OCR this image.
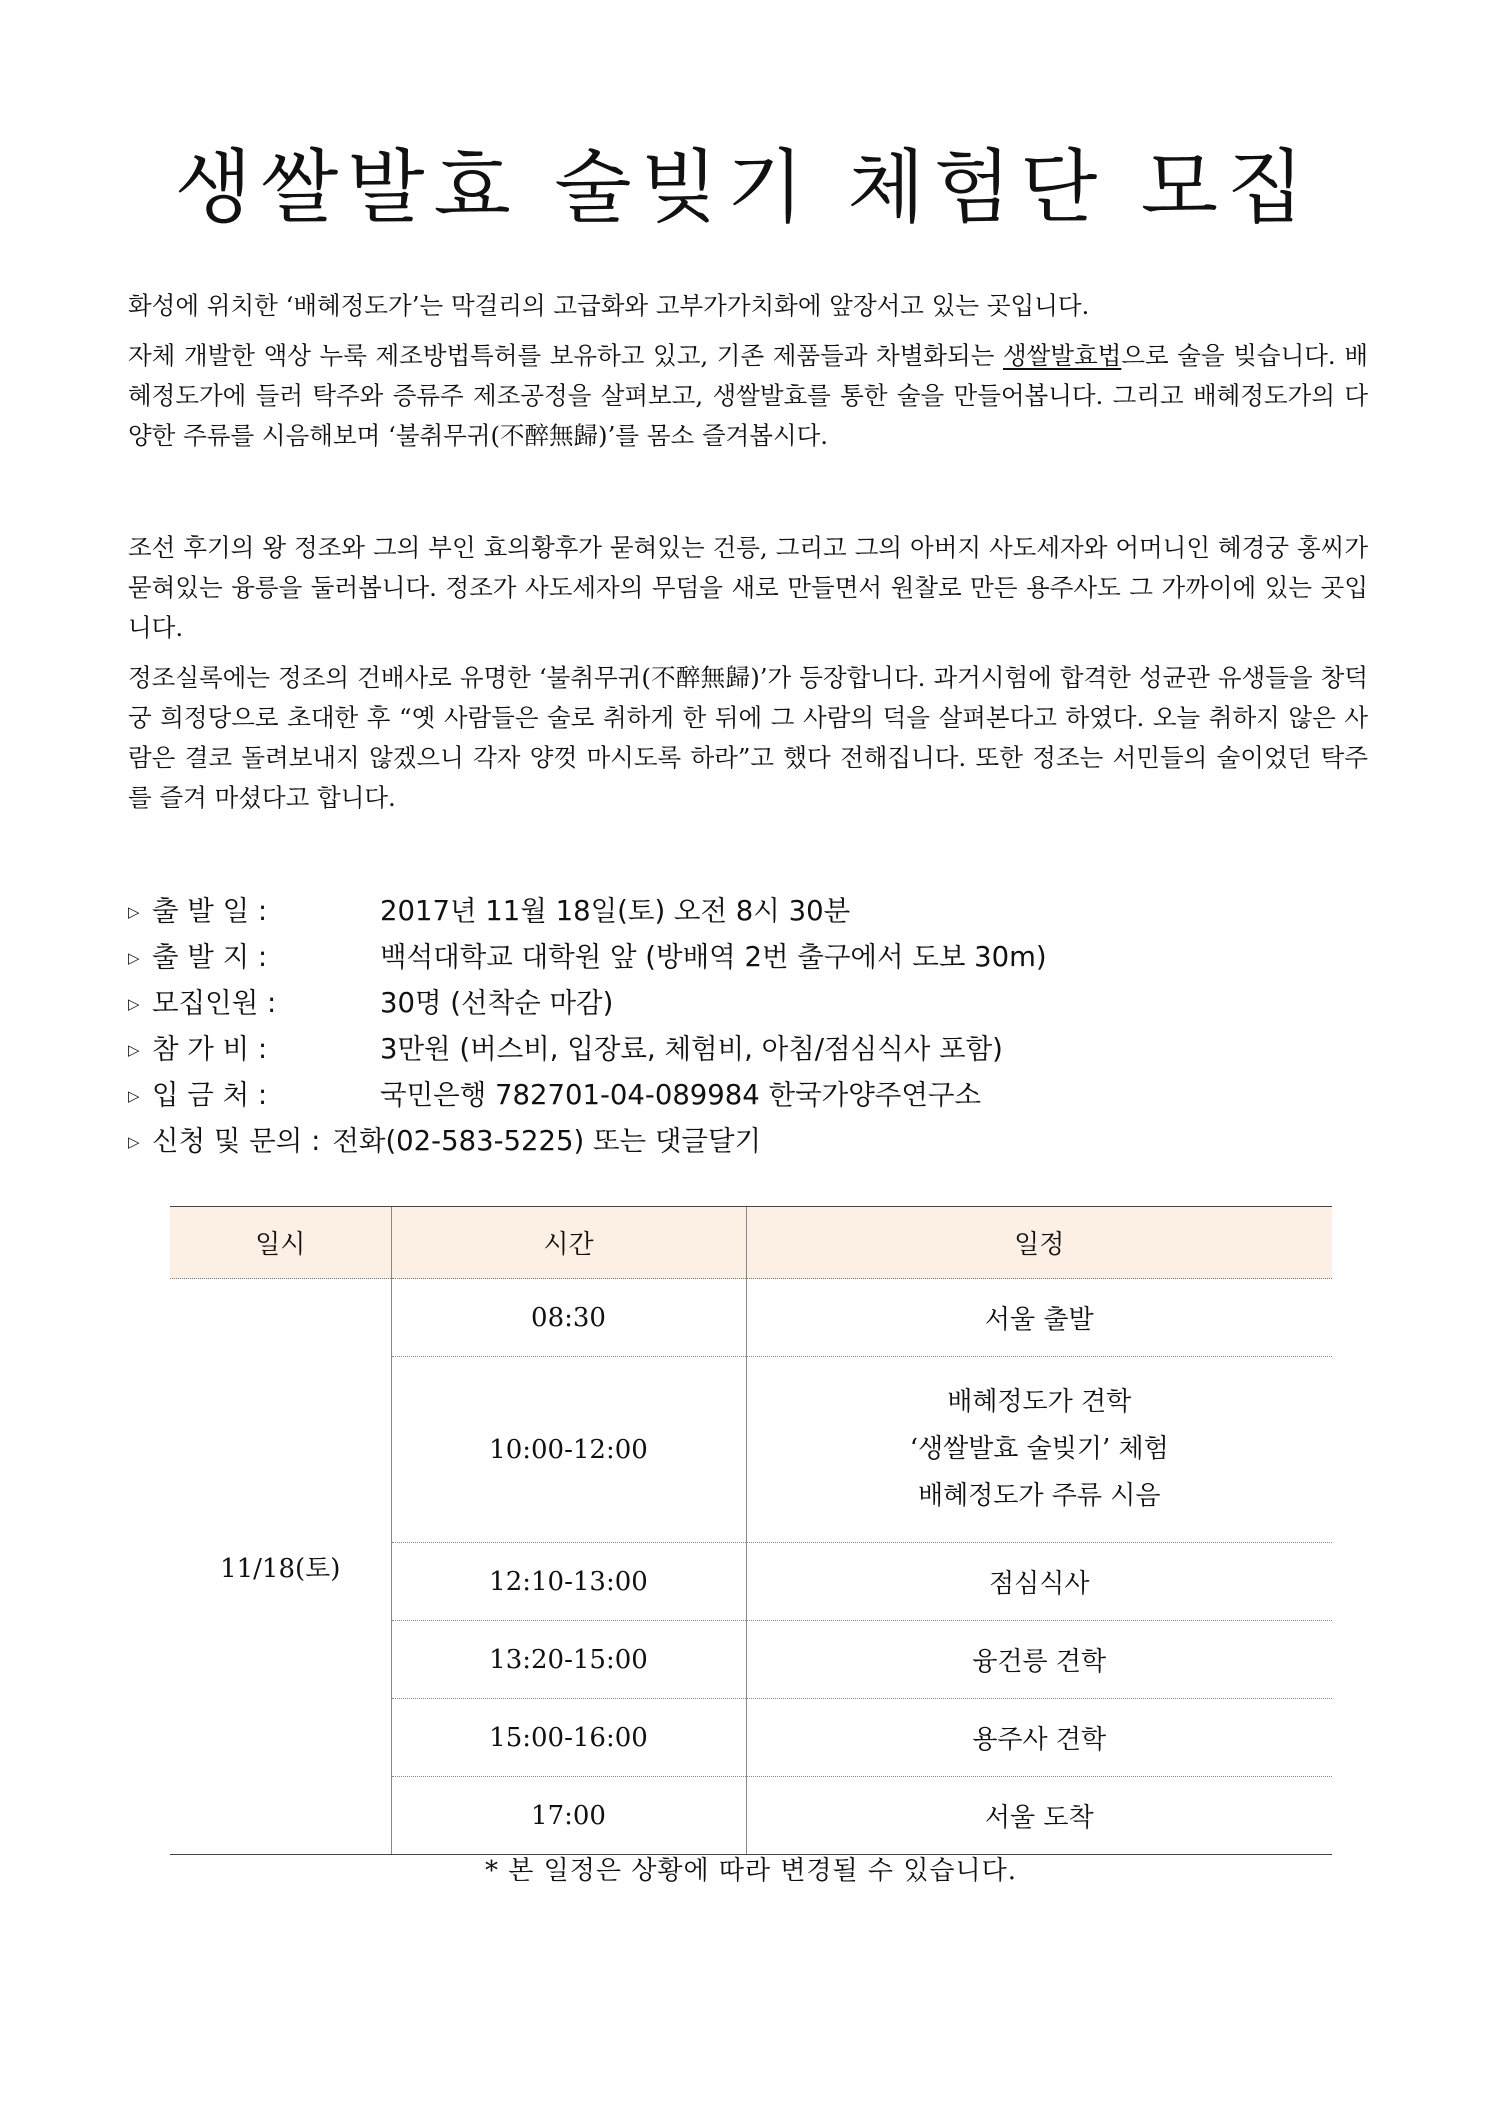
생쌀발효 술빚기 체험단 모집

화성에 위치한 ‘배혜정도가’는 막걸리의 고급화와 고부가가치화에 앞장서고 있는 곳입니다.

자체 개발한 액상 누룩 제조방법특허를 보유하고 있고, 기존 제품들과 차별화되는 생쌀발효법으로 술을 빚습니다. 배혜정도가에 들러 탁주와 증류주 제조공정을 살펴보고, 생쌀발효를 통한 술을 만들어봅니다. 그리고 배혜정도가의 다양한 주류를 시음해보며 ‘불취무귀(不醉無歸)’를 몸소 즐겨봅시다.

조선 후기의 왕 정조와 그의 부인 효의황후가 묻혀있는 건릉, 그리고 그의 아버지 사도세자와 어머니인 혜경궁 홍씨가 묻혀있는 융릉을 둘러봅니다. 정조가 사도세자의 무덤을 새로 만들면서 원찰로 만든 용주사도 그 가까이에 있는 곳입니다.

정조실록에는 정조의 건배사로 유명한 ‘불취무귀(不醉無歸)’가 등장합니다. 과거시험에 합격한 성균관 유생들을 창덕궁 희정당으로 초대한 후 “옛 사람들은 술로 취하게 한 뒤에 그 사람의 덕을 살펴본다고 하였다. 오늘 취하지 않은 사람은 결코 돌려보내지 않겠으니 각자 양껏 마시도록 하라”고 했다 전해집니다. 또한 정조는 서민들의 술이었던 탁주를 즐겨 마셨다고 합니다.

▷ 출 발 일 :	2017년 11월 18일(토) 오전 8시 30분
▷ 출 발 지 :	백석대학교 대학원 앞 (방배역 2번 출구에서 도보 30m)
▷ 모집인원 :	30명 (선착순 마감)
▷ 참 가 비 :	3만원 (버스비, 입장료, 체험비, 아침/점심식사 포함)
▷ 입 금 처 :	국민은행 782701-04-089984 한국가양주연구소
▷ 신청 및 문의 : 전화(02-583-5225) 또는 댓글달기
일시	시간	일정
11/18(토)	08:30	서울 출발
	10:00-12:00	배혜정도가 견학
‘생쌀발효 술빚기’ 체험
배혜정도가 주류 시음

	12:10-13:00	점심식사
	13:20-15:00	융건릉 견학
	15:00-16:00	용주사 견학
	17:00	서울 도착
* 본 일정은 상황에 따라 변경될 수 있습니다.
